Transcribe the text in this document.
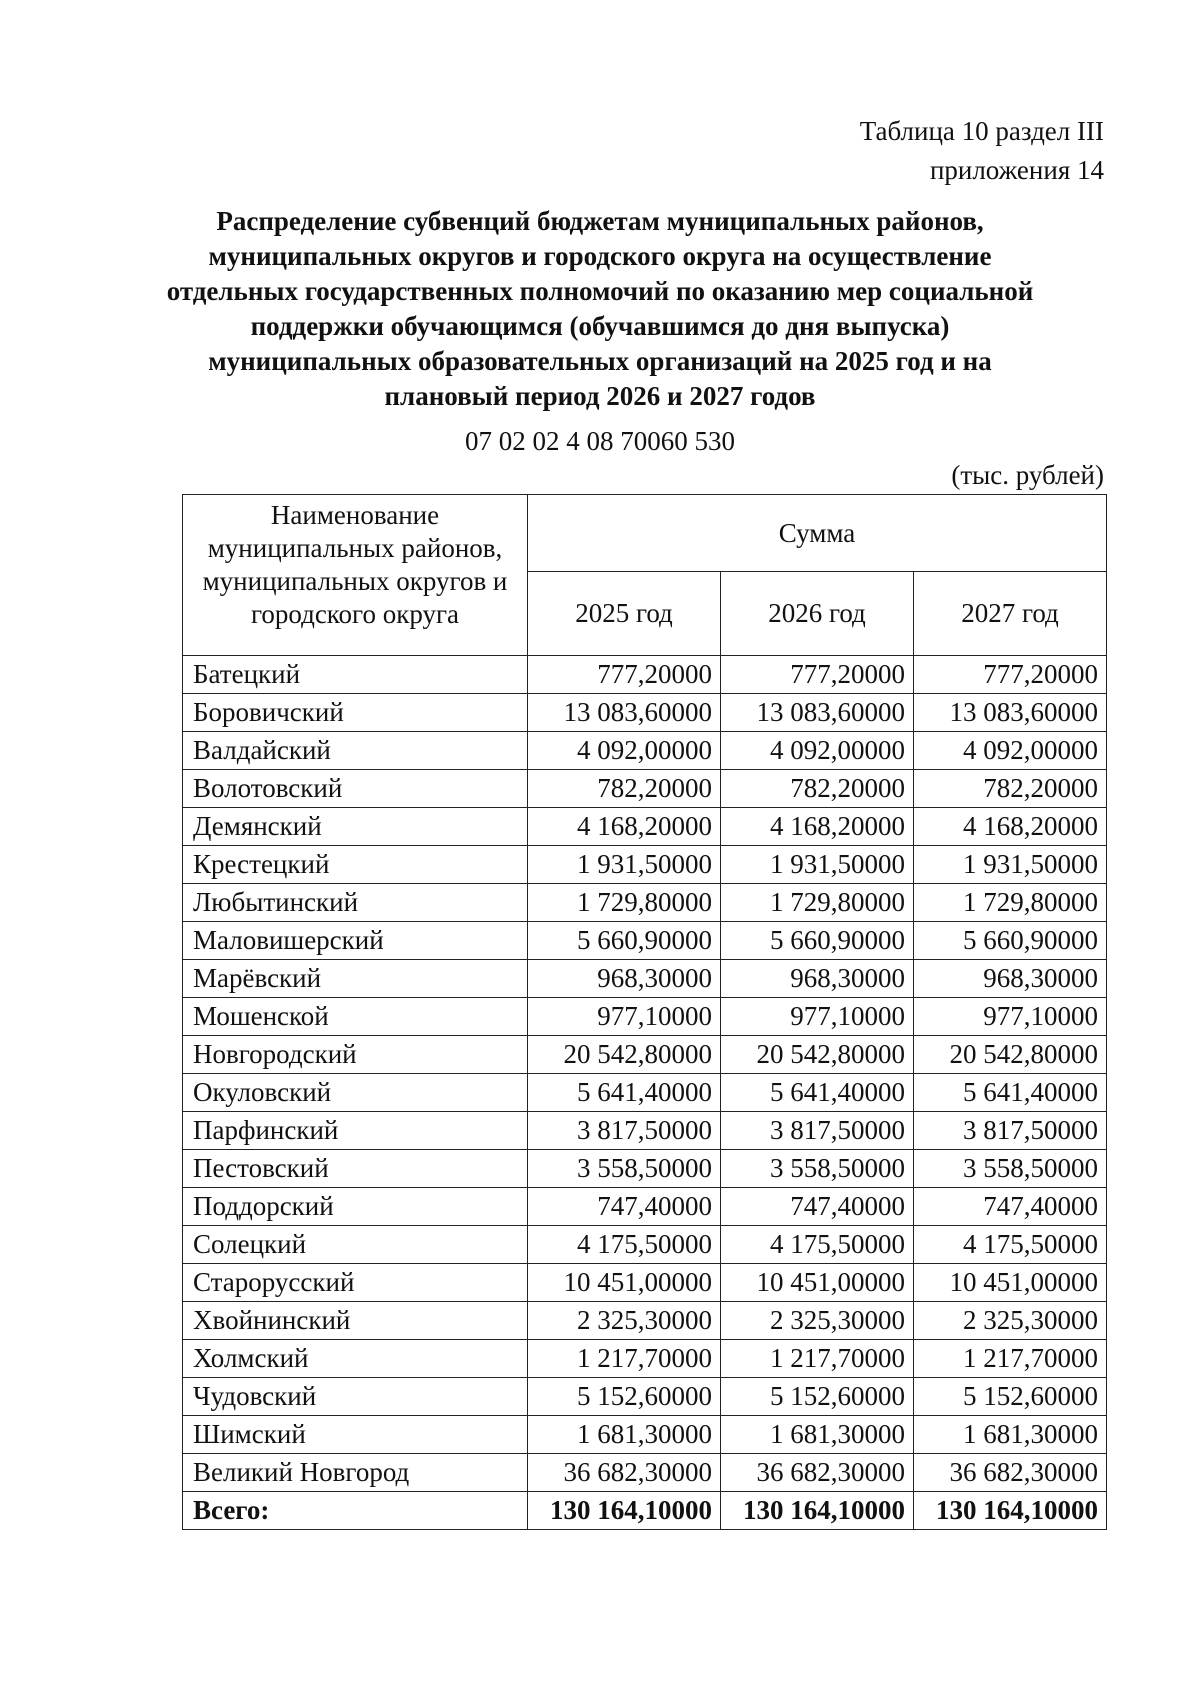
Таблица 10 раздел III
приложения 14
Распределение субвенций бюджетам муниципальных районов,
муниципальных округов и городского округа на осуществление
отдельных государственных полномочий по оказанию мер социальной
поддержки обучающимся (обучавшимся до дня выпуска)
муниципальных образовательных организаций на 2025 год и на
плановый период 2026 и 2027 годов
07 02 02 4 08 70060 530
(тыс. рублей)
Наименование
муниципальных районов,
муниципальных округов и
городского округа	Сумма		
	2025 год	2026 год	2027 год
Батецкий	777,20000	777,20000	777,20000
Боровичский	13 083,60000	13 083,60000	13 083,60000
Валдайский	4 092,00000	4 092,00000	4 092,00000
Волотовский	782,20000	782,20000	782,20000
Демянский	4 168,20000	4 168,20000	4 168,20000
Крестецкий	1 931,50000	1 931,50000	1 931,50000
Любытинский	1 729,80000	1 729,80000	1 729,80000
Маловишерский	5 660,90000	5 660,90000	5 660,90000
Марёвский	968,30000	968,30000	968,30000
Мошенской	977,10000	977,10000	977,10000
Новгородский	20 542,80000	20 542,80000	20 542,80000
Окуловский	5 641,40000	5 641,40000	5 641,40000
Парфинский	3 817,50000	3 817,50000	3 817,50000
Пестовский	3 558,50000	3 558,50000	3 558,50000
Поддорский	747,40000	747,40000	747,40000
Солецкий	4 175,50000	4 175,50000	4 175,50000
Старорусский	10 451,00000	10 451,00000	10 451,00000
Хвойнинский	2 325,30000	2 325,30000	2 325,30000
Холмский	1 217,70000	1 217,70000	1 217,70000
Чудовский	5 152,60000	5 152,60000	5 152,60000
Шимский	1 681,30000	1 681,30000	1 681,30000
Великий Новгород	36 682,30000	36 682,30000	36 682,30000
Всего:	130 164,10000	130 164,10000	130 164,10000
